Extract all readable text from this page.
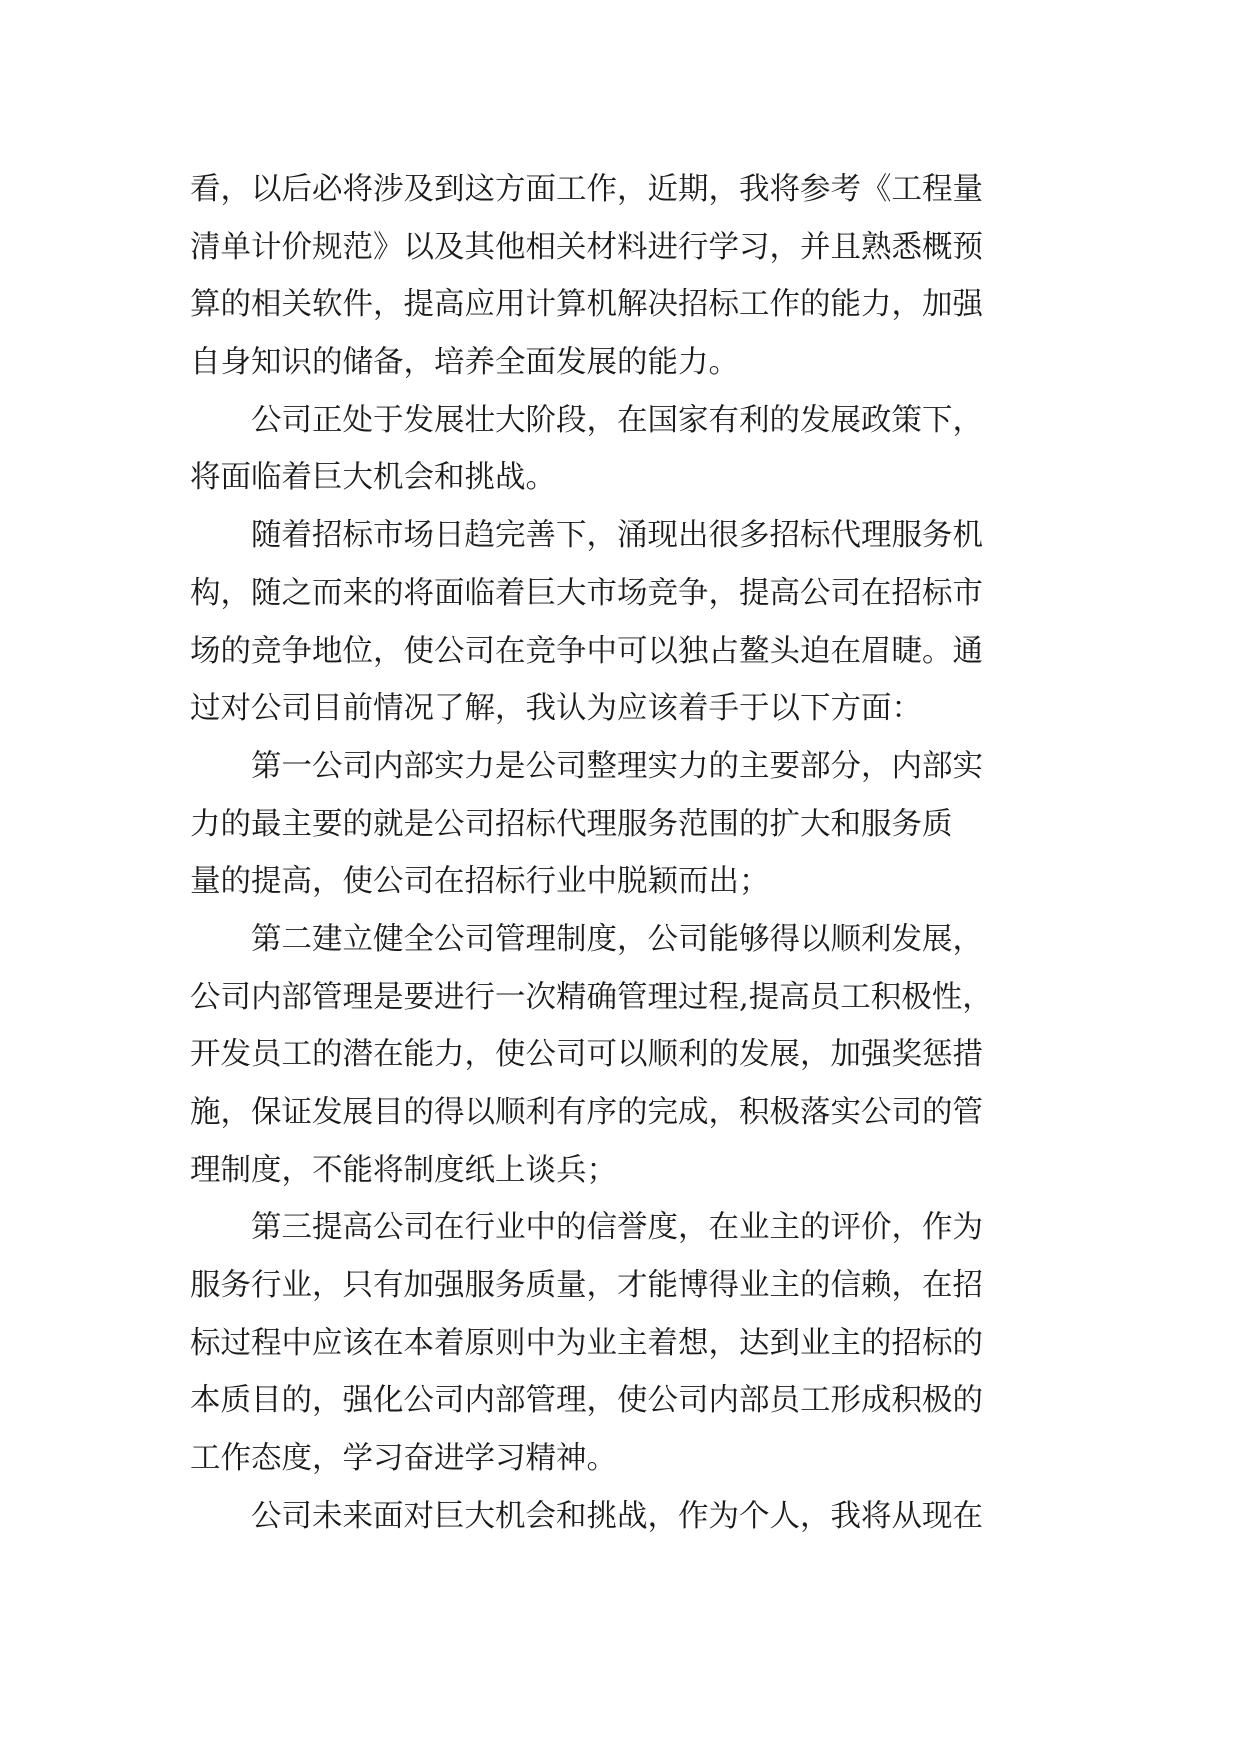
看，以后必将涉及到这方面工作，近期，我将参考《工程量
清单计价规范》以及其他相关材料进行学习，并且熟悉概预
算的相关软件，提高应用计算机解决招标工作的能力，加强
自身知识的储备，培养全面发展的能力。
　　公司正处于发展壮大阶段，在国家有利的发展政策下，
将面临着巨大机会和挑战。
　　随着招标市场日趋完善下，涌现出很多招标代理服务机
构，随之而来的将面临着巨大市场竞争，提高公司在招标市
场的竞争地位，使公司在竞争中可以独占鳌头迫在眉睫。通
过对公司目前情况了解，我认为应该着手于以下方面：
　　第一公司内部实力是公司整理实力的主要部分，内部实
力的最主要的就是公司招标代理服务范围的扩大和服务质
量的提高，使公司在招标行业中脱颖而出；
　　第二建立健全公司管理制度，公司能够得以顺利发展，
公司内部管理是要进行一次精确管理过程,提高员工积极性，
开发员工的潜在能力，使公司可以顺利的发展，加强奖惩措
施，保证发展目的得以顺利有序的完成，积极落实公司的管
理制度，不能将制度纸上谈兵；
　　第三提高公司在行业中的信誉度，在业主的评价，作为
服务行业，只有加强服务质量，才能博得业主的信赖，在招
标过程中应该在本着原则中为业主着想，达到业主的招标的
本质目的，强化公司内部管理，使公司内部员工形成积极的
工作态度，学习奋进学习精神。
　　公司未来面对巨大机会和挑战，作为个人，我将从现在
